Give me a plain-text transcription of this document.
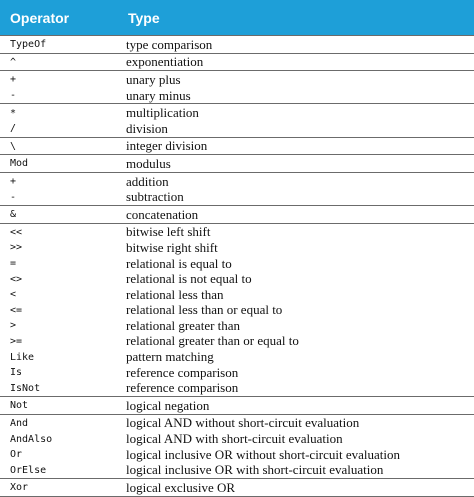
Operator	Type
TypeOf	type comparison
^	exponentiation
+	unary plus
-	unary minus
*	multiplication
/	division
\	integer division
Mod	modulus
+	addition
-	subtraction
&	concatenation
<<	bitwise left shift
>>	bitwise right shift
=	relational is equal to
<>	relational is not equal to
<	relational less than
<=	relational less than or equal to
>	relational greater than
>=	relational greater than or equal to
Like	pattern matching
Is	reference comparison
IsNot	reference comparison
Not	logical negation
And	logical AND without short-circuit evaluation
AndAlso	logical AND with short-circuit evaluation
Or	logical inclusive OR without short-circuit evaluation
OrElse	logical inclusive OR with short-circuit evaluation
Xor	logical exclusive OR
